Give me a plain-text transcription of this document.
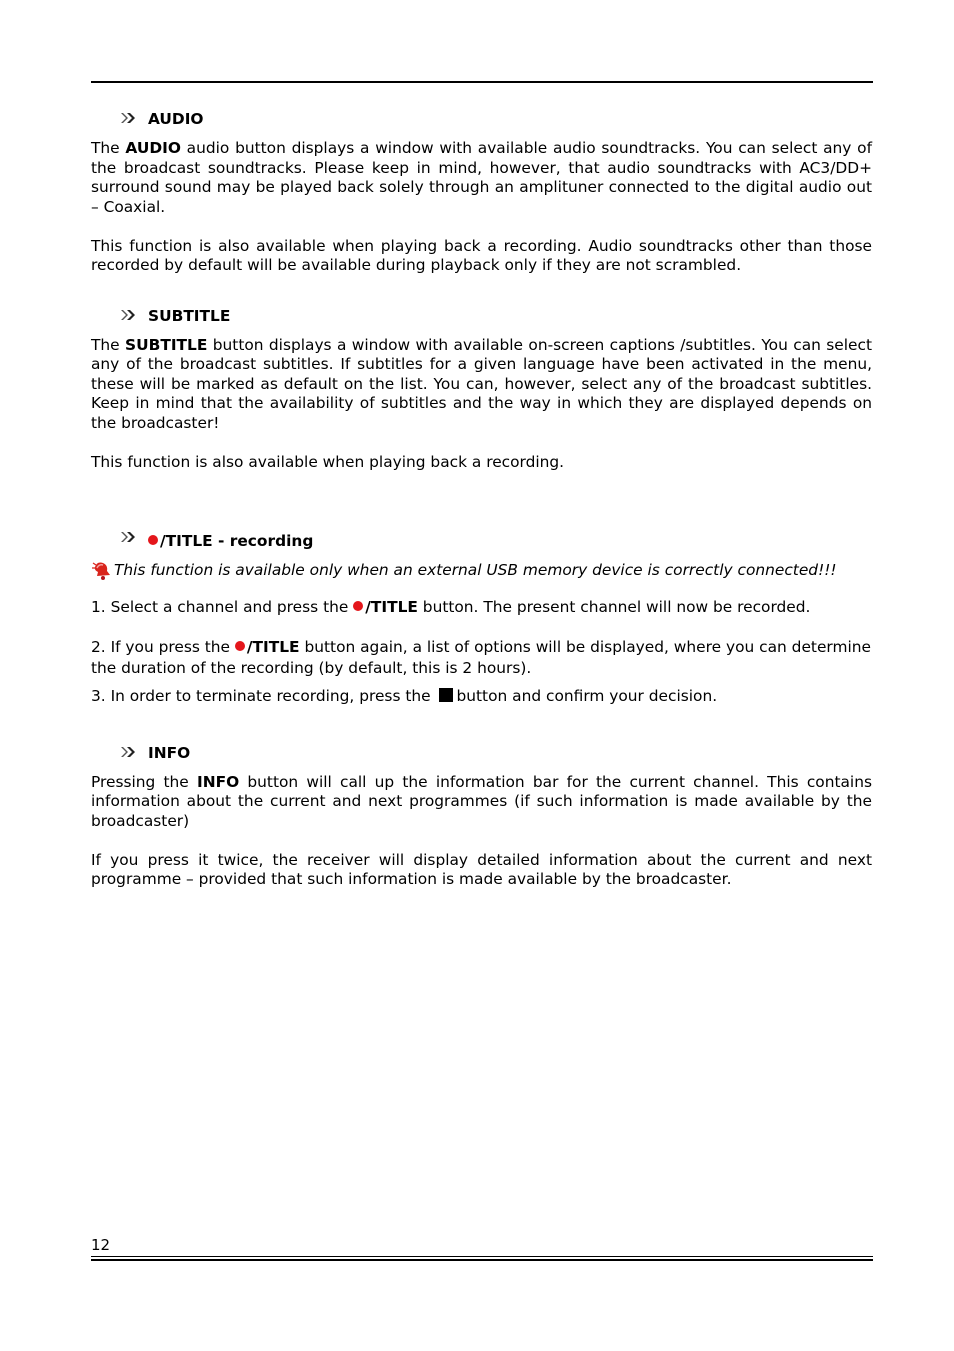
AUDIO

The AUDIO audio button displays a window with available audio soundtracks. You can select any of the broadcast soundtracks. Please keep in mind, however, that audio soundtracks with AC3/DD+ surround sound may be played back solely through an amplituner connected to the digital audio out – Coaxial.

This function is also available when playing back a recording. Audio soundtracks other than those recorded by default will be available during playback only if they are not scrambled.

SUBTITLE

The SUBTITLE button displays a window with available on-screen captions /subtitles. You can select any of the broadcast subtitles. If subtitles for a given language have been activated in the menu, these will be marked as default on the list. You can, however, select any of the broadcast subtitles. Keep in mind that the availability of subtitles and the way in which they are displayed depends on the broadcaster!

This function is also available when playing back a recording.

/TITLE - recording

This function is available only when an external USB memory device is correctly connected!!!

1. Select a channel and press the /TITLE button. The present channel will now be recorded.

2. If you press the /TITLE button again, a list of options will be displayed, where you can determine the duration of the recording (by default, this is 2 hours).

3. In order to terminate recording, press the button and confirm your decision.

INFO

Pressing the INFO button will call up the information bar for the current channel. This contains information about the current and next programmes (if such information is made available by the broadcaster)

If you press it twice, the receiver will display detailed information about the current and next programme – provided that such information is made available by the broadcaster.

12
